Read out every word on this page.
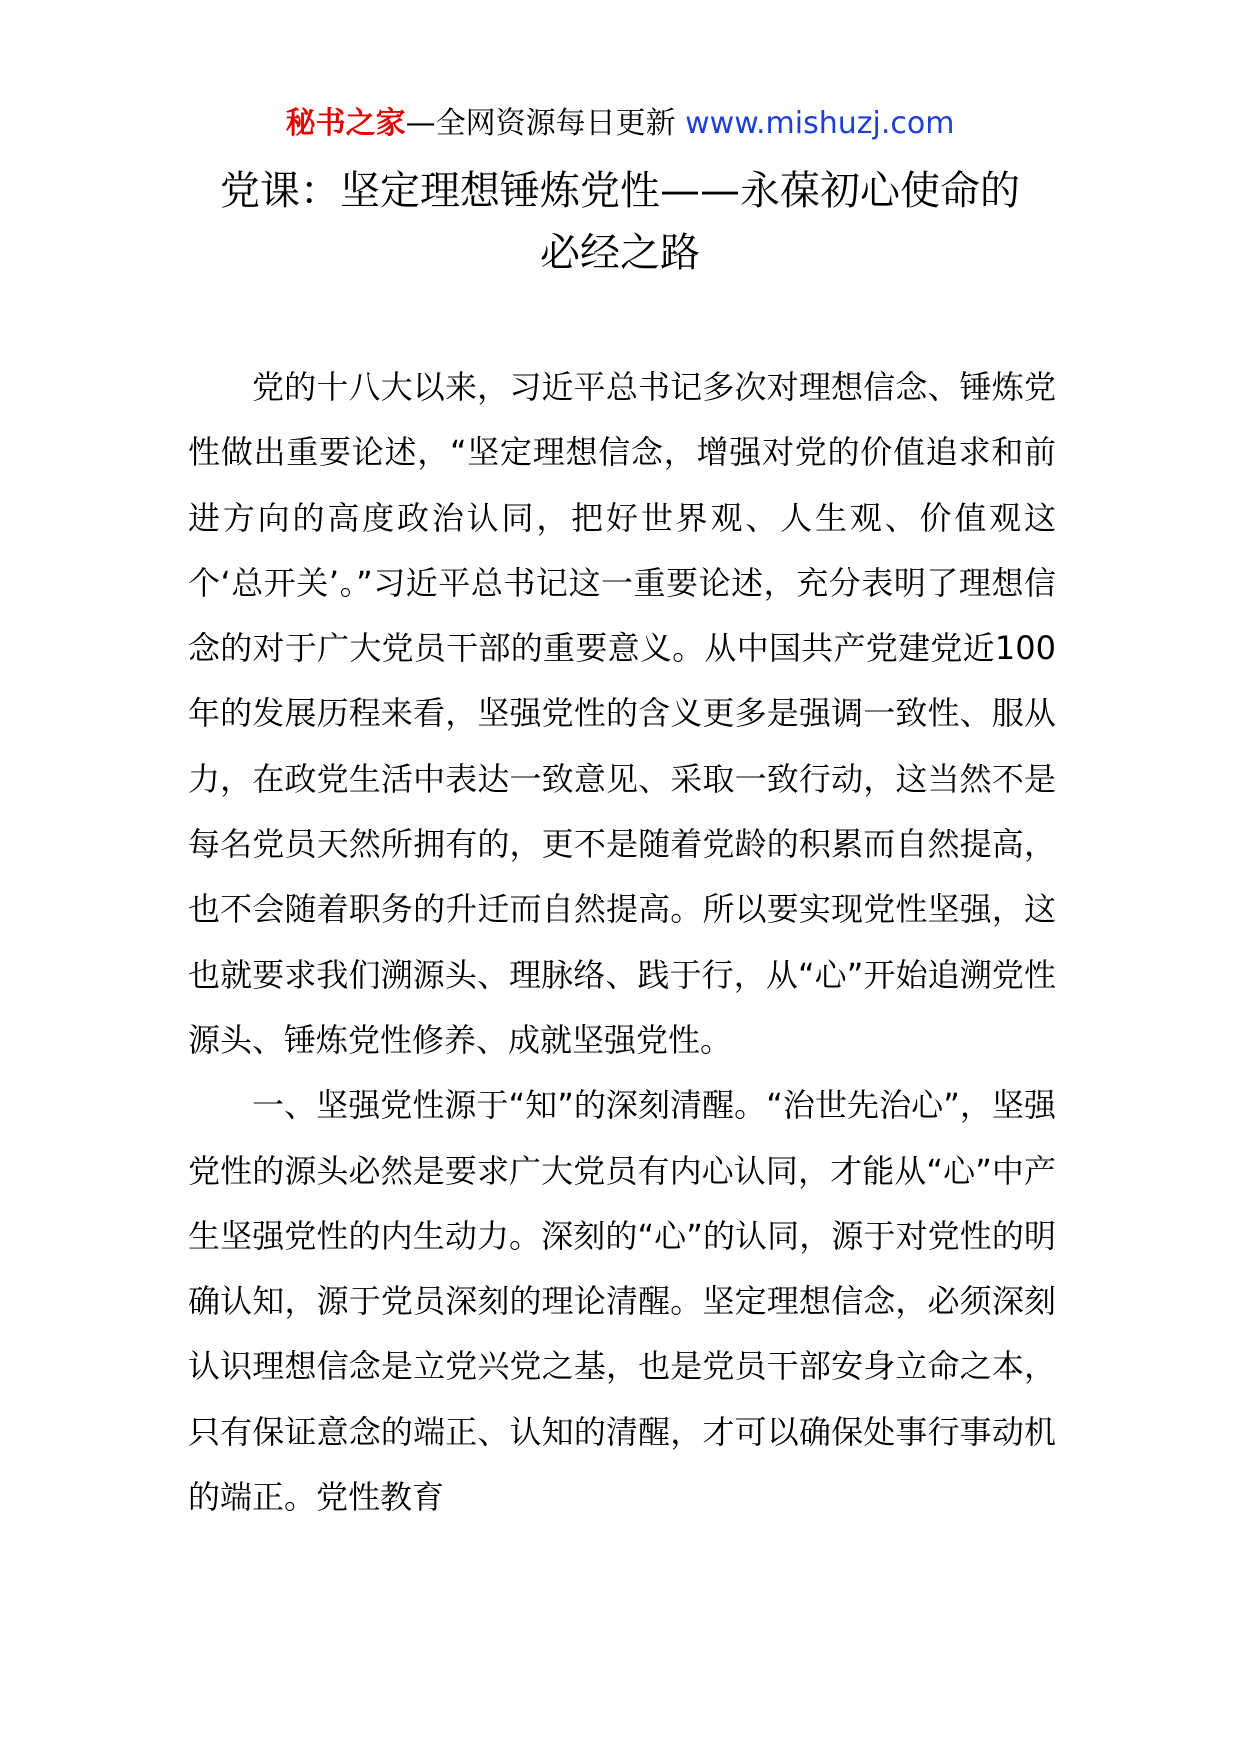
秘书之家—全网资源每日更新 www.mishuzj.com
党课：坚定理想锤炼党性——永葆初心使命的
必经之路

党的十八大以来，习近平总书记多次对理想信念、锤炼党性做出重要论述，“坚定理想信念，增强对党的价值追求和前进方向的高度政治认同，把好世界观、人生观、价值观这个‘总开关’。”习近平总书记这一重要论述，充分表明了理想信念的对于广大党员干部的重要意义。从中国共产党建党近100年的发展历程来看，坚强党性的含义更多是强调一致性、服从力，在政党生活中表达一致意见、采取一致行动，这当然不是每名党员天然所拥有的，更不是随着党龄的积累而自然提高，也不会随着职务的升迁而自然提高。所以要实现党性坚强，这也就要求我们溯源头、理脉络、践于行，从“心”开始追溯党性源头、锤炼党性修养、成就坚强党性。

一、坚强党性源于“知”的深刻清醒。“治世先治心”，坚强党性的源头必然是要求广大党员有内心认同，才能从“心”中产生坚强党性的内生动力。深刻的“心”的认同，源于对党性的明确认知，源于党员深刻的理论清醒。坚定理想信念，必须深刻认识理想信念是立党兴党之基，也是党员干部安身立命之本，只有保证意念的端正、认知的清醒，才可以确保处事行事动机的端正。党性教育
